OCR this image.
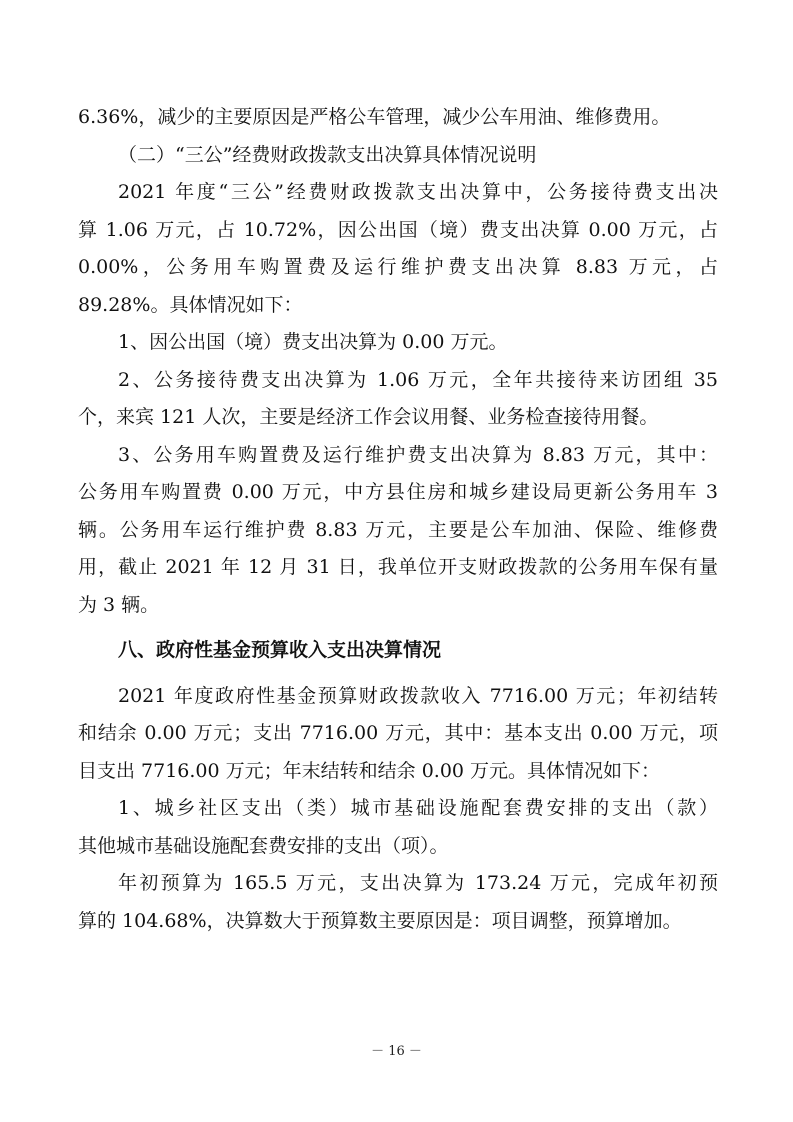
6.36%，减少的主要原因是严格公车管理，减少公车用油、维修费用。
（二）“三公”经费财政拨款支出决算具体情况说明
2021 年度“三公”经费财政拨款支出决算中，公务接待费支出决
算 1.06 万元，占 10.72%，因公出国（境）费支出决算 0.00 万元，占
0.00%，公务用车购置费及运行维护费支出决算 8.83 万元，占
89.28%。具体情况如下：
1、因公出国（境）费支出决算为 0.00 万元。
2、公务接待费支出决算为 1.06 万元，全年共接待来访团组 35
个，来宾 121 人次，主要是经济工作会议用餐、业务检查接待用餐。
3、公务用车购置费及运行维护费支出决算为 8.83 万元，其中：
公务用车购置费 0.00 万元，中方县住房和城乡建设局更新公务用车 3
辆。公务用车运行维护费 8.83 万元，主要是公车加油、保险、维修费
用，截止 2021 年 12 月 31 日，我单位开支财政拨款的公务用车保有量
为 3 辆。
八、政府性基金预算收入支出决算情况
2021 年度政府性基金预算财政拨款收入 7716.00 万元；年初结转
和结余 0.00 万元；支出 7716.00 万元，其中：基本支出 0.00 万元，项
目支出 7716.00 万元；年末结转和结余 0.00 万元。具体情况如下：
1、城乡社区支出（类）城市基础设施配套费安排的支出（款）
其他城市基础设施配套费安排的支出（项）。
年初预算为 165.5 万元，支出决算为 173.24 万元，完成年初预
算的 104.68%，决算数大于预算数主要原因是：项目调整，预算增加。
－ 16 －
